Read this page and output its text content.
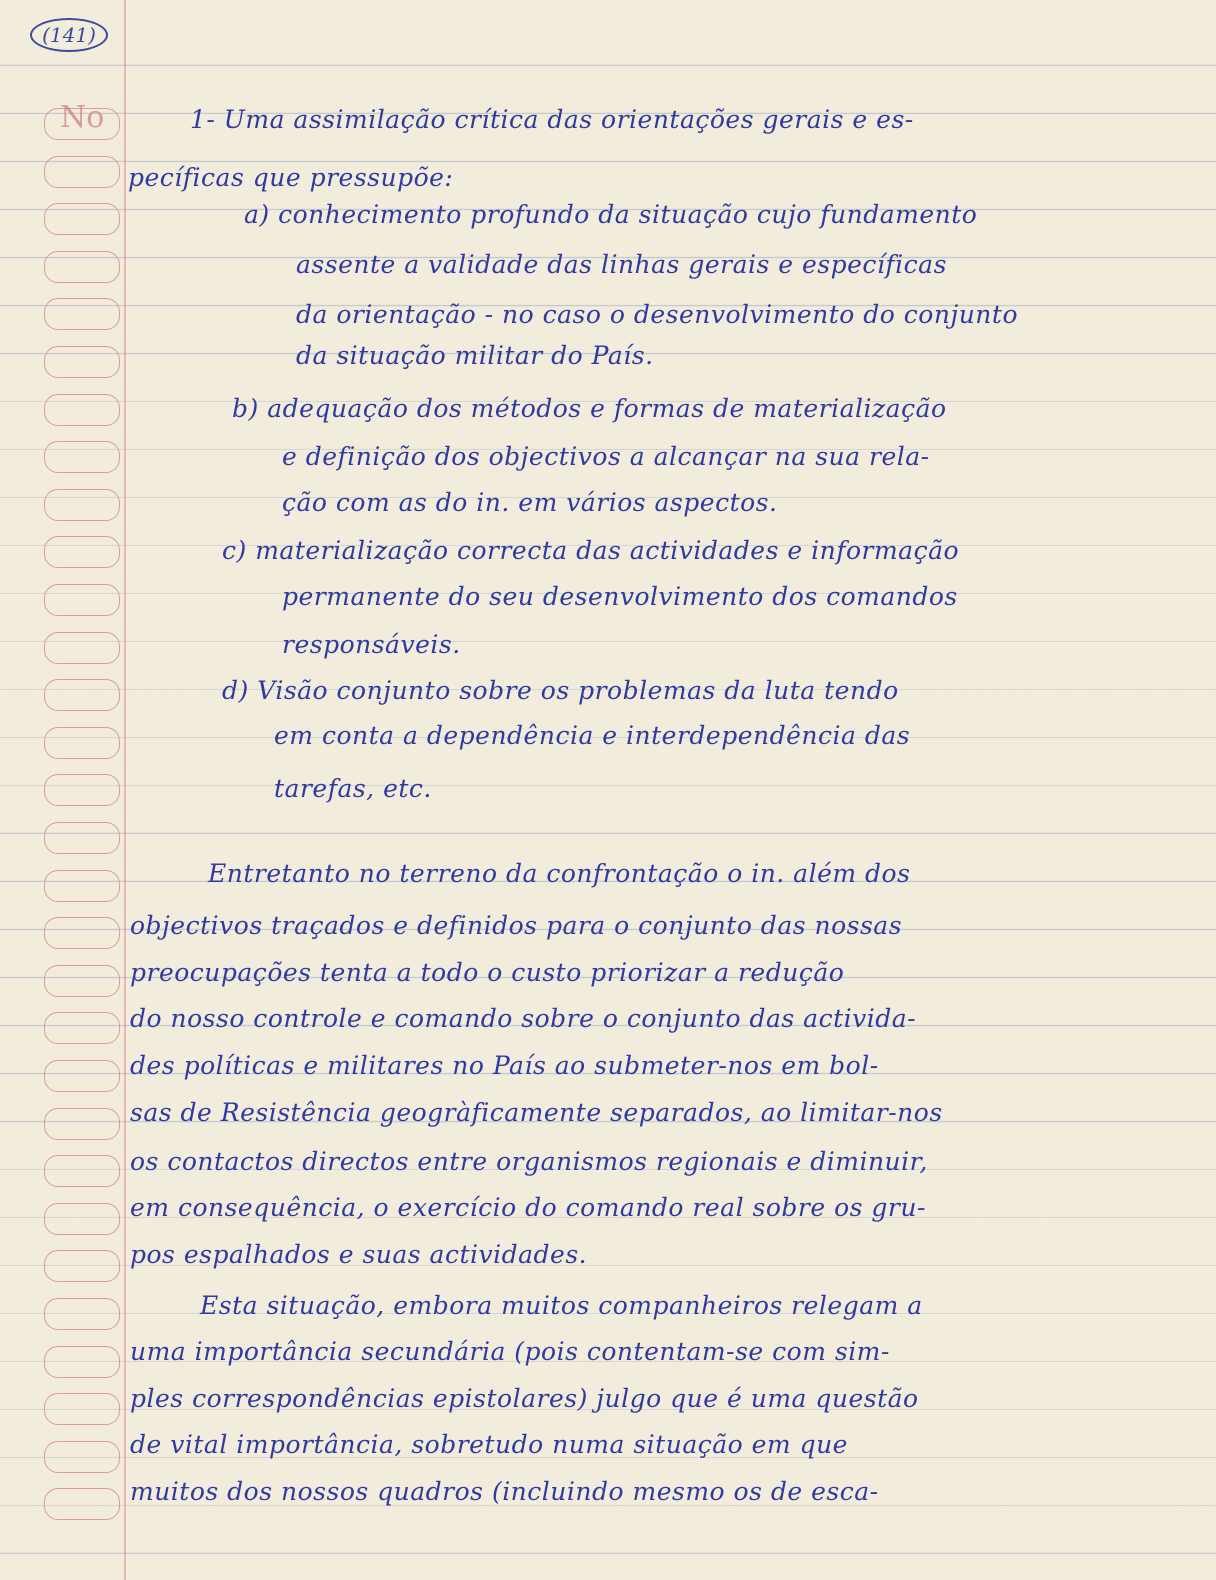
(141)
No	1- Uma assimilação crítica das orientações gerais e es-

pecíficas que pressupõe:

a) conhecimento profundo da situação cujo fundamento

assente a validade das linhas gerais e específicas

da orientação - no caso o desenvolvimento do conjunto

da situação militar do País.

b) adequação dos métodos e formas de materialização

e definição dos objectivos a alcançar na sua rela-

ção com as do in. em vários aspectos.

c) materialização correcta das actividades e informação

permanente do seu desenvolvimento dos comandos

responsáveis.

d) Visão conjunto sobre os problemas da luta tendo

em conta a dependência e interdependência das

tarefas, etc.

Entretanto no terreno da confrontação o in. além dos

objectivos traçados e definidos para o conjunto das nossas

preocupações tenta a todo o custo priorizar a redução

do nosso controle e comando sobre o conjunto das activida-

des políticas e militares no País ao submeter-nos em bol-

sas de Resistência geogràficamente separados, ao limitar-nos

os contactos directos entre organismos regionais e diminuir,

em consequência, o exercício do comando real sobre os gru-

pos espalhados e suas actividades.

Esta situação, embora muitos companheiros relegam a

uma importância secundária (pois contentam-se com sim-

ples correspondências epistolares) julgo que é uma questão

de vital importância, sobretudo numa situação em que

muitos dos nossos quadros (incluindo mesmo os de esca-
